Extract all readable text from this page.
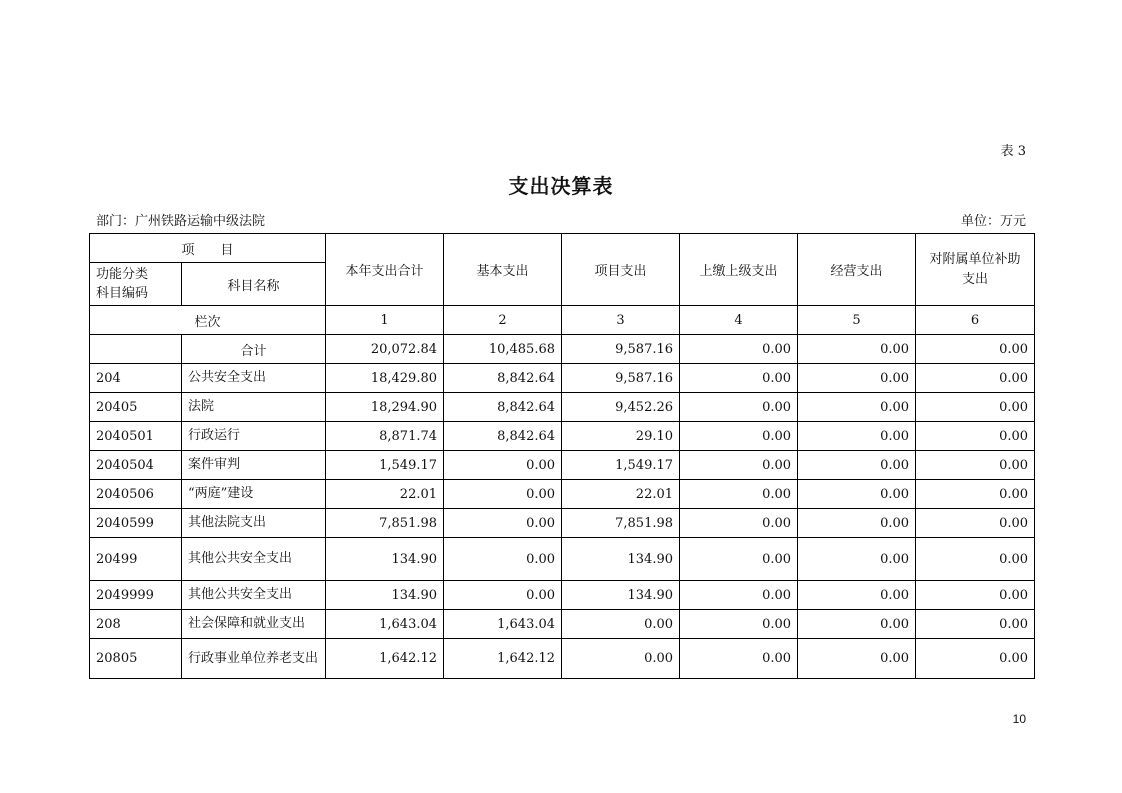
表 3
支出决算表
部门：广州铁路运输中级法院	单位：万元
项　　目		本年支出合计	基本支出	项目支出	上缴上级支出	经营支出	对附属单位补助
支出
功能分类
科目编码	科目名称						
栏次		1	2	3	4	5	6
	合计	20,072.84	10,485.68	9,587.16	0.00	0.00	0.00
204	公共安全支出	18,429.80	8,842.64	9,587.16	0.00	0.00	0.00
20405	法院	18,294.90	8,842.64	9,452.26	0.00	0.00	0.00
2040501	行政运行	8,871.74	8,842.64	29.10	0.00	0.00	0.00
2040504	案件审判	1,549.17	0.00	1,549.17	0.00	0.00	0.00
2040506	“两庭”建设	22.01	0.00	22.01	0.00	0.00	0.00
2040599	其他法院支出	7,851.98	0.00	7,851.98	0.00	0.00	0.00
20499	其他公共安全支出	134.90	0.00	134.90	0.00	0.00	0.00
2049999	其他公共安全支出	134.90	0.00	134.90	0.00	0.00	0.00
208	社会保障和就业支出	1,643.04	1,643.04	0.00	0.00	0.00	0.00
20805	行政事业单位养老支出	1,642.12	1,642.12	0.00	0.00	0.00	0.00
10
